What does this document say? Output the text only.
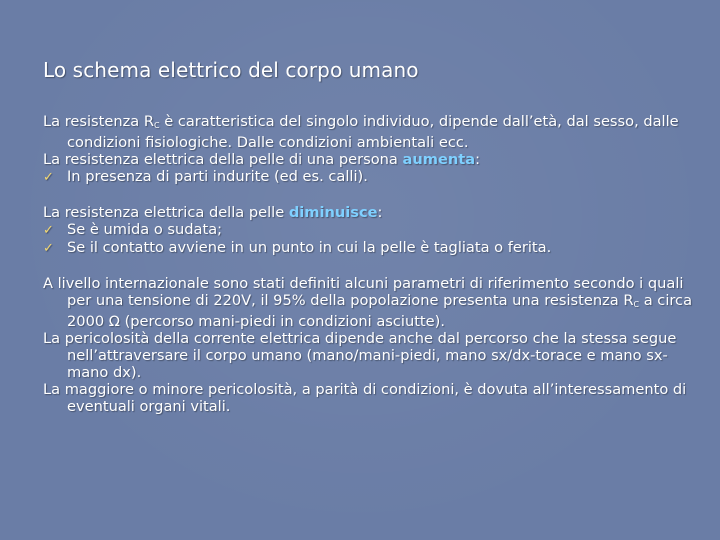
Lo schema elettrico del corpo umano

La resistenza $R_C$ è caratteristica del singolo individuo, dipende dall’età, dal sesso, dalle condizioni fisiologiche. Dalle condizioni ambientali ecc.

La resistenza elettrica della pelle di una persona aumenta:

✓ In presenza di parti indurite (ed es. calli).

La resistenza elettrica della pelle diminuisce:

✓ Se è umida o sudata;

✓ Se il contatto avviene in un punto in cui la pelle è tagliata o ferita.

A livello internazionale sono stati definiti alcuni parametri di riferimento secondo i quali per una tensione di 220V, il 95% della popolazione presenta una resistenza $R_C$ a circa 2000 Ω (percorso mani-piedi in condizioni asciutte).

La pericolosità della corrente elettrica dipende anche dal percorso che la stessa segue nell’attraversare il corpo umano (mano/mani-piedi, mano sx/dx-torace e mano sx-mano dx).

La maggiore o minore pericolosità, a parità di condizioni, è dovuta all’interessamento di eventuali organi vitali.
